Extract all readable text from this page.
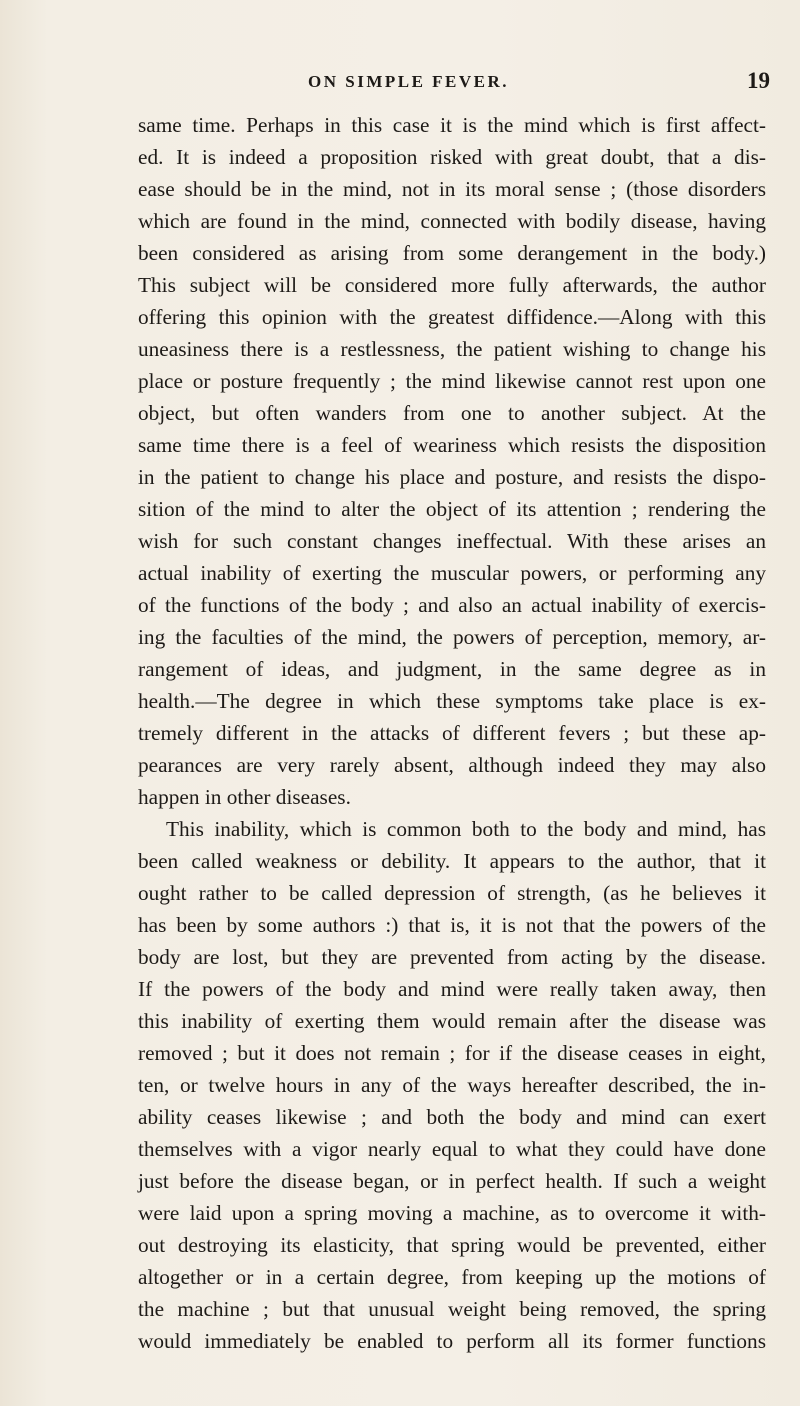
ON SIMPLE FEVER.	19
same time. Perhaps in this case it is the mind which is first affect-
ed. It is indeed a proposition risked with great doubt, that a dis-
ease should be in the mind, not in its moral sense ; (those disorders
which are found in the mind, connected with bodily disease, having
been considered as arising from some derangement in the body.)
This subject will be considered more fully afterwards, the author
offering this opinion with the greatest diffidence.—Along with this
uneasiness there is a restlessness, the patient wishing to change his
place or posture frequently ; the mind likewise cannot rest upon one
object, but often wanders from one to another subject. At the
same time there is a feel of weariness which resists the disposition
in the patient to change his place and posture, and resists the dispo-
sition of the mind to alter the object of its attention ; rendering the
wish for such constant changes ineffectual. With these arises an
actual inability of exerting the muscular powers, or performing any
of the functions of the body ; and also an actual inability of exercis-
ing the faculties of the mind, the powers of perception, memory, ar-
rangement of ideas, and judgment, in the same degree as in
health.—The degree in which these symptoms take place is ex-
tremely different in the attacks of different fevers ; but these ap-
pearances are very rarely absent, although indeed they may also
happen in other diseases.
This inability, which is common both to the body and mind, has
been called weakness or debility. It appears to the author, that it
ought rather to be called depression of strength, (as he believes it
has been by some authors :) that is, it is not that the powers of the
body are lost, but they are prevented from acting by the disease.
If the powers of the body and mind were really taken away, then
this inability of exerting them would remain after the disease was
removed ; but it does not remain ; for if the disease ceases in eight,
ten, or twelve hours in any of the ways hereafter described, the in-
ability ceases likewise ; and both the body and mind can exert
themselves with a vigor nearly equal to what they could have done
just before the disease began, or in perfect health. If such a weight
were laid upon a spring moving a machine, as to overcome it with-
out destroying its elasticity, that spring would be prevented, either
altogether or in a certain degree, from keeping up the motions of
the machine ; but that unusual weight being removed, the spring
would immediately be enabled to perform all its former functions
